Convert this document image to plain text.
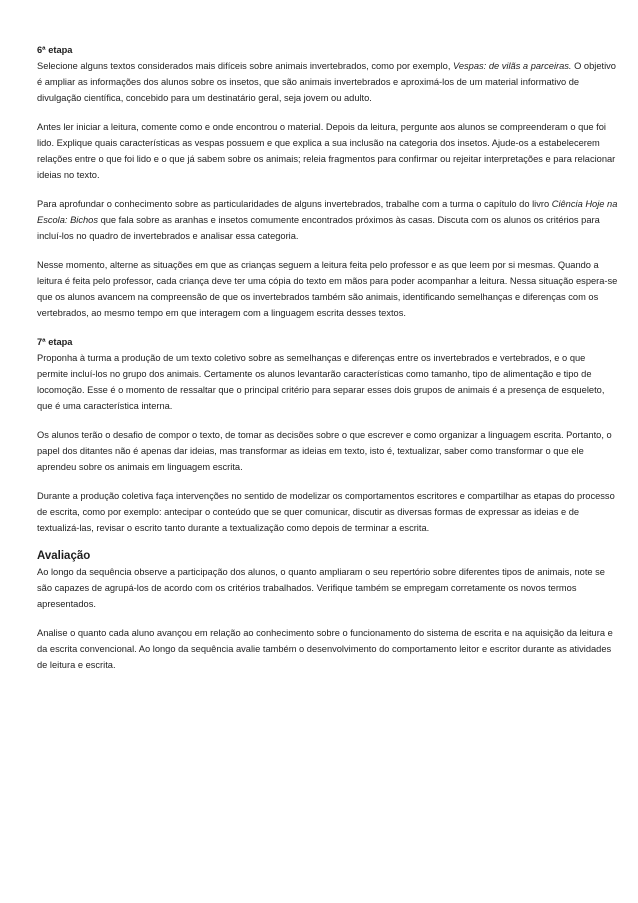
6ª etapa

Selecione alguns textos considerados mais difíceis sobre animais invertebrados, como por exemplo, Vespas: de vilãs a parceiras. O objetivo é ampliar as informações dos alunos sobre os insetos, que são animais invertebrados e aproximá-los de um material informativo de divulgação científica, concebido para um destinatário geral, seja jovem ou adulto.

Antes ler iniciar a leitura, comente como e onde encontrou o material. Depois da leitura, pergunte aos alunos se compreenderam o que foi lido. Explique quais características as vespas possuem e que explica a sua inclusão na categoria dos insetos. Ajude-os a estabelecerem relações entre o que foi lido e o que já sabem sobre os animais; releia fragmentos para confirmar ou rejeitar interpretações e para relacionar ideias no texto.

Para aprofundar o conhecimento sobre as particularidades de alguns invertebrados, trabalhe com a turma o capítulo do livro Ciência Hoje na Escola: Bichos que fala sobre as aranhas e insetos comumente encontrados próximos às casas. Discuta com os alunos os critérios para incluí-los no quadro de invertebrados e analisar essa categoria.

Nesse momento, alterne as situações em que as crianças seguem a leitura feita pelo professor e as que leem por si mesmas. Quando a leitura é feita pelo professor, cada criança deve ter uma cópia do texto em mãos para poder acompanhar a leitura. Nessa situação espera-se que os alunos avancem na compreensão de que os invertebrados também são animais, identificando semelhanças e diferenças com os vertebrados, ao mesmo tempo em que interagem com a linguagem escrita desses textos.

7ª etapa

Proponha à turma a produção de um texto coletivo sobre as semelhanças e diferenças entre os invertebrados e vertebrados, e o que permite incluí-los no grupo dos animais. Certamente os alunos levantarão características como tamanho, tipo de alimentação e tipo de locomoção. Esse é o momento de ressaltar que o principal critério para separar esses dois grupos de animais é a presença de esqueleto, que é uma característica interna.

Os alunos terão o desafio de compor o texto, de tomar as decisões sobre o que escrever e como organizar a linguagem escrita. Portanto, o papel dos ditantes não é apenas dar ideias, mas transformar as ideias em texto, isto é, textualizar, saber como transformar o que ele aprendeu sobre os animais em linguagem escrita.

Durante a produção coletiva faça intervenções no sentido de modelizar os comportamentos escritores e compartilhar as etapas do processo de escrita, como por exemplo: antecipar o conteúdo que se quer comunicar, discutir as diversas formas de expressar as ideias e de textualizá-las, revisar o escrito tanto durante a textualização como depois de terminar a escrita.

Avaliação

Ao longo da sequência observe a participação dos alunos, o quanto ampliaram o seu repertório sobre diferentes tipos de animais, note se são capazes de agrupá-los de acordo com os critérios trabalhados. Verifique também se empregam corretamente os novos termos apresentados.

Analise o quanto cada aluno avançou em relação ao conhecimento sobre o funcionamento do sistema de escrita e na aquisição da leitura e da escrita convencional. Ao longo da sequência avalie também o desenvolvimento do comportamento leitor e escritor durante as atividades de leitura e escrita.
